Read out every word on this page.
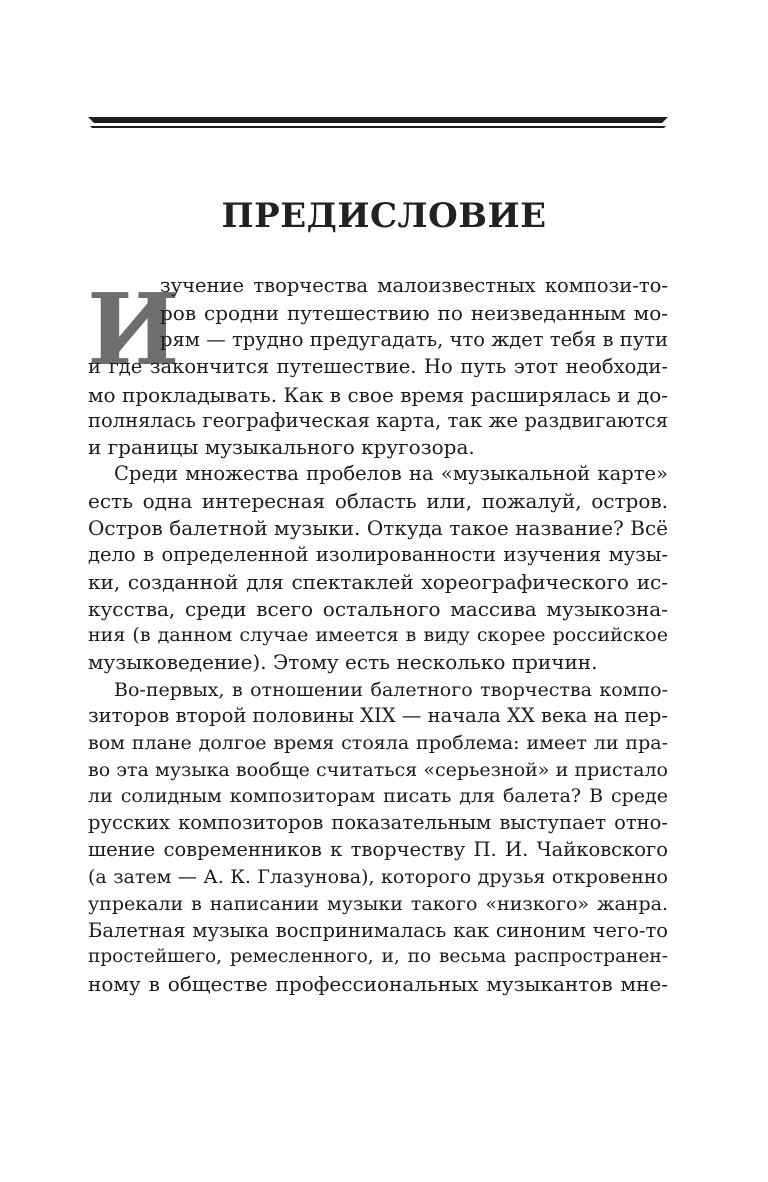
ПРЕДИСЛОВИЕ
И
зучение творчества малоизвестных компози-то-
ров сродни путешествию по неизведанным мо-
рям — трудно предугадать, что ждет тебя в пути
и где закончится путешествие. Но путь этот необходи-
мо прокладывать. Как в свое время расширялась и до-
полнялась географическая карта, так же раздвигаются
и границы музыкального кругозора.
Среди множества пробелов на «музыкальной карте»
есть одна интересная область или, пожалуй, остров.
Остров балетной музыки. Откуда такое название? Всё
дело в определенной изолированности изучения музы-
ки, созданной для спектаклей хореографического ис-
кусства, среди всего остального массива музыкозна-
ния (в данном случае имеется в виду скорее российское
музыковедение). Этому есть несколько причин.
Во-первых, в отношении балетного творчества компо-
зиторов второй половины XIX — начала XX века на пер-
вом плане долгое время стояла проблема: имеет ли пра-
во эта музыка вообще считаться «серьезной» и пристало
ли солидным композиторам писать для балета? В среде
русских композиторов показательным выступает отно-
шение современников к творчеству П. И. Чайковского
(а затем — А. К. Глазунова), которого друзья откровенно
упрекали в написании музыки такого «низкого» жанра.
Балетная музыка воспринималась как синоним чего-то
простейшего, ремесленного, и, по весьма распространен-
ному в обществе профессиональных музыкантов мне-
